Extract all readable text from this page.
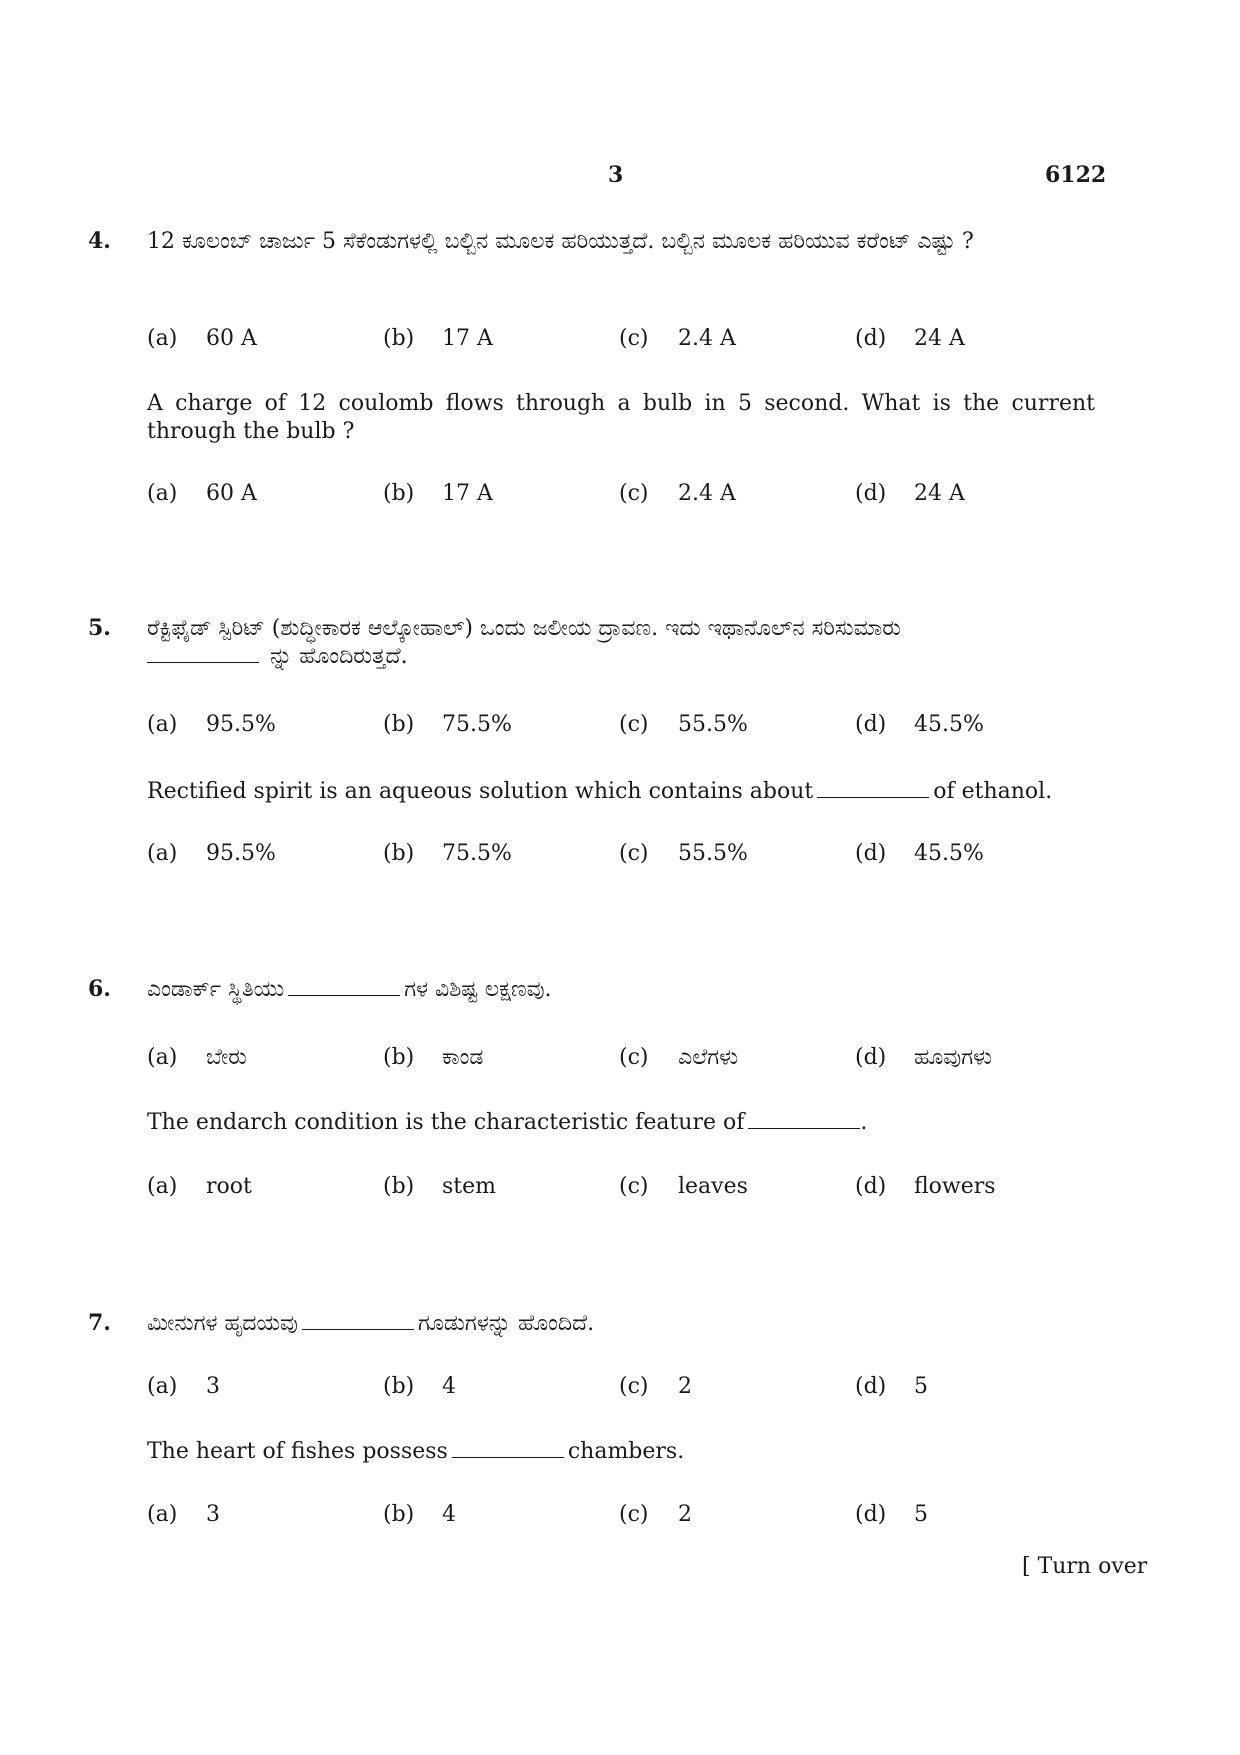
3	6122
4. 12 ಕೂಲಂಬ್ ಚಾರ್ಜು 5 ಸೆಕೆಂಡುಗಳಲ್ಲಿ ಬಲ್ಬಿನ ಮೂಲಕ ಹರಿಯುತ್ತದೆ. ಬಲ್ಬಿನ ಮೂಲಕ ಹರಿಯುವ ಕರೆಂಟ್ ಎಷ್ಟು ?
(a) 60 A	(b) 17 A	(c) 2.4 A	(d) 24 A
A charge of 12 coulomb flows through a bulb in 5 second. What is the current through the bulb ?
(a) 60 A	(b) 17 A	(c) 2.4 A	(d) 24 A
5. ರೆಕ್ಟಿಫೈಡ್ ಸ್ಪಿರಿಟ್ (ಶುದ್ಧೀಕಾರಕ ಆಲ್ಕೋಹಾಲ್) ಒಂದು ಜಲೀಯ ದ್ರಾವಣ. ಇದು ಇಥಾನೊಲ್‌ನ ಸರಿಸುಮಾರು
ನ್ನು ಹೊಂದಿರುತ್ತದೆ.
(a) 95.5%	(b) 75.5%	(c) 55.5%	(d) 45.5%
Rectified spirit is an aqueous solution which contains about	of ethanol.
(a) 95.5%	(b) 75.5%	(c) 55.5%	(d) 45.5%
6. ಎಂಡಾರ್ಕ್ ಸ್ಥಿತಿಯು	ಗಳ ವಿಶಿಷ್ಟ ಲಕ್ಷಣವು.
(a) ಬೇರು	(b) ಕಾಂಡ	(c) ಎಲೆಗಳು	(d) ಹೂವುಗಳು
The endarch condition is the characteristic feature of	.
(a) root	(b) stem	(c) leaves	(d) flowers
7. ಮೀನುಗಳ ಹೃದಯವು	ಗೂಡುಗಳನ್ನು ಹೊಂದಿದೆ.
(a) 3	(b) 4	(c) 2	(d) 5
The heart of fishes possess	chambers.
(a) 3	(b) 4	(c) 2	(d) 5
[ Turn over
